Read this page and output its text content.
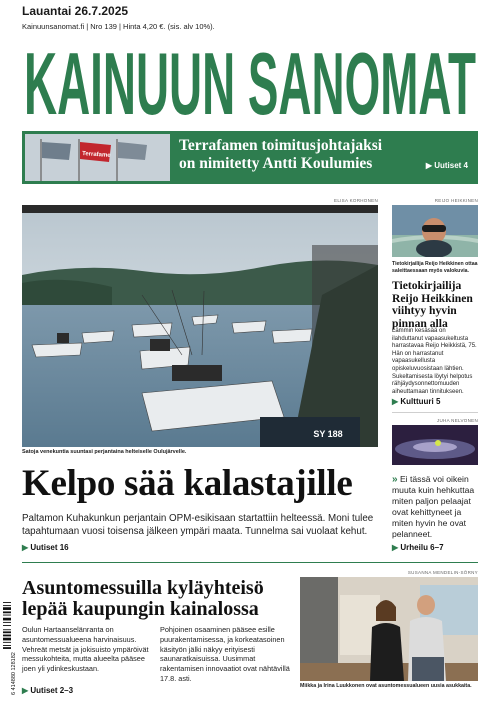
Lauantai 26.7.2025
Kainuunsanomat.fi | Nro 139 | Hinta 4,20 €. (sis. alv 10%).
KAINUUN SANOMAT
Terrafame
Terrafamen toimitusjohtajaksi
on nimitetty Antti Koulumies	▶ Uutiset 4
ELISA KORHONEN
SY 188
Satoja venekuntia suuntasi perjantaina helteiselle Oulujärvelle.
Kelpo sää kalastajille
Paltamon Kuhakunkun perjantain OPM-esikisaan startattiin helteessä. Moni tulee tapahtumaan vuosi toisensa jälkeen ympäri maata. Tunnelma sai vuolaat kehut.
▶ Uutiset 16
REIJO HEIKKINEN
Tietokirjailija Reijo Heikkinen ottaa saleittaessaan myös valokuvia.
Tietokirjailija Reijo Heikkinen viihtyy hyvin pinnan alla
Lämmin kesäsää on ilahduttanut vapaasukeltusta harrastavaa Reijo Heikkistä, 75. Hän on harrastanut vapaasukellusta opiskeluvuosistaan lähtien. Sukeltamisesta löytyi helpotus rähjäydysonnettomuuden aiheuttamaan tinnitukseen.
▶ Kulttuuri 5
JUHA NELVONEN
» Ei tässä voi oikein muuta kuin hehkuttaa miten paljon pelaajat ovat kehittyneet ja miten hyvin he ovat pelanneet.
▶ Urheilu 6–7
Asuntomessuilla kyläyhteisö lepää kaupungin kainalossa
Oulun Hartaanselänranta on asuntomessualueena harvinaisuus. Vehreät metsät ja jokisuisto ympäröivät messukohteita, mutta alueelta pääsee joen yli ydinkeskustaan.
Pohjoinen osaaminen pääsee esille puurakentamisessa, ja korkeatasoinen käsityön jälki näkyy erityisesti saunaratkaisuissa. Uusimmat rakentamisen innovaatiot ovat nähtävillä 17.8. asti.
▶ Uutiset 2–3
SUSANNA MENDELIN-SÖRNY
Miikka ja Irina Luukkonen ovat asuntomessualueen uusia asukkaita.
6 414880 128182
